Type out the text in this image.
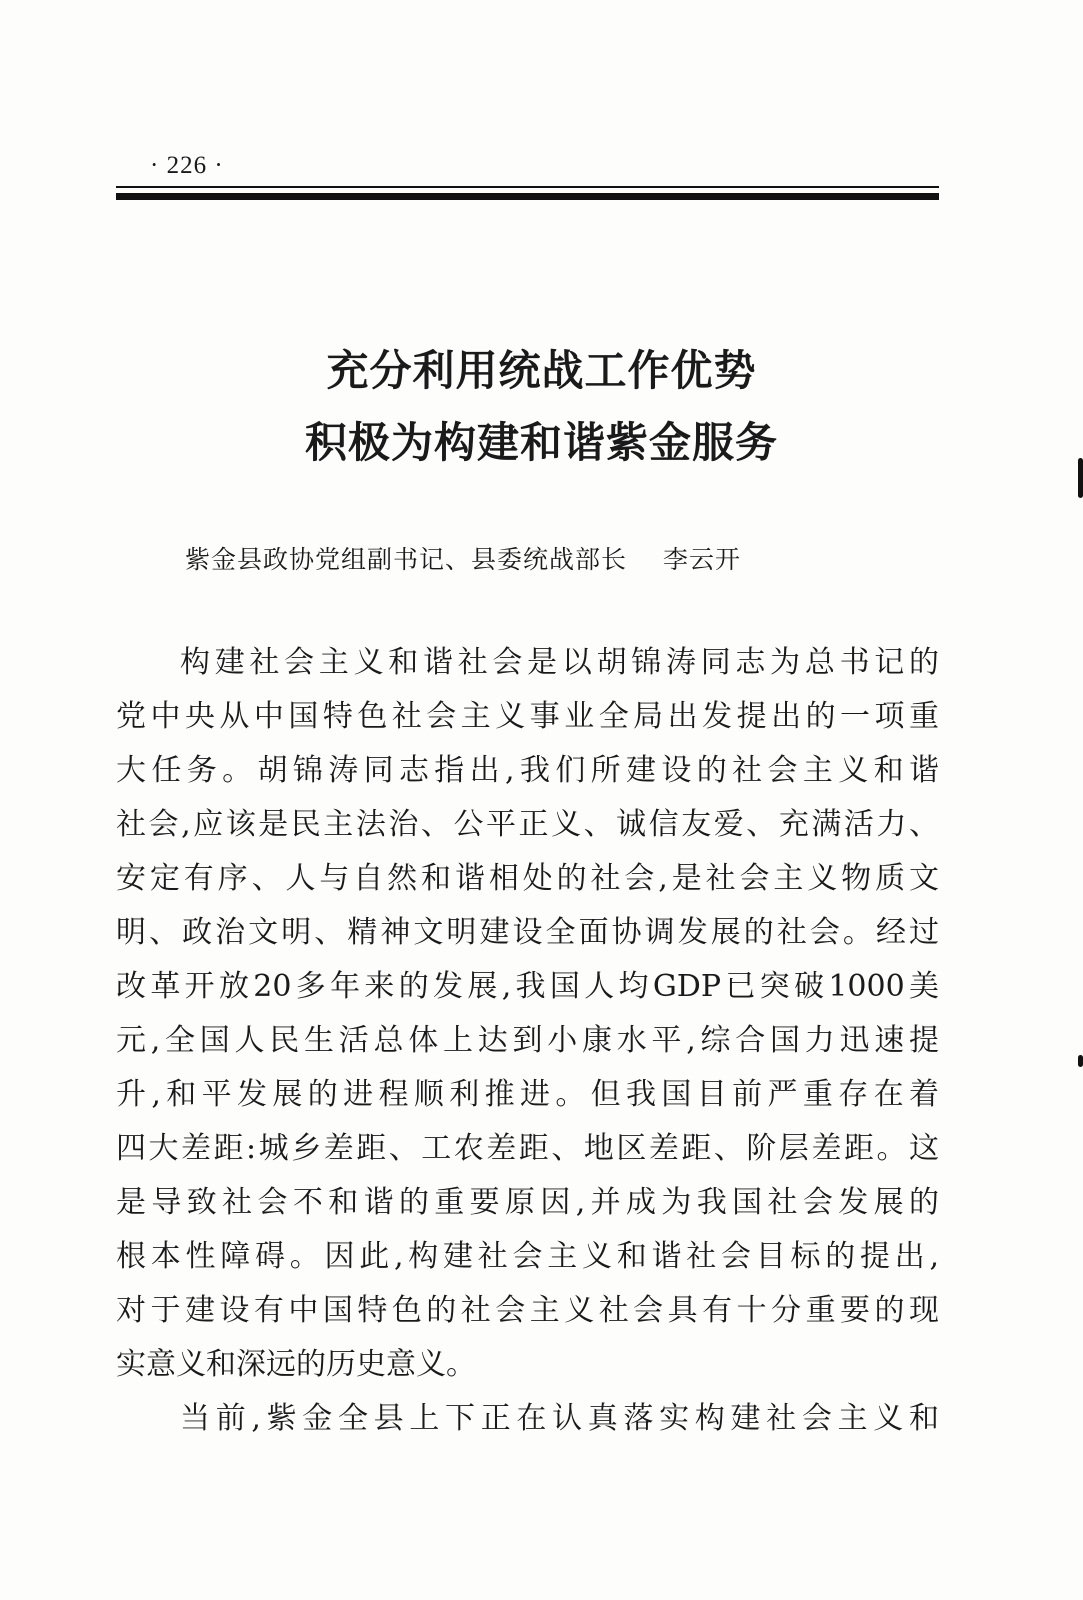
· 226 ·
充分利用统战工作优势
积极为构建和谐紫金服务
紫金县政协党组副书记、县委统战部长 李云开
构建社会主义和谐社会是以胡锦涛同志为总书记的
党中央从中国特色社会主义事业全局出发提出的一项重
大任务。胡锦涛同志指出,我们所建设的社会主义和谐
社会,应该是民主法治、公平正义、诚信友爱、充满活力、
安定有序、人与自然和谐相处的社会,是社会主义物质文
明、政治文明、精神文明建设全面协调发展的社会。经过
改革开放20多年来的发展,我国人均GDP已突破1000美
元,全国人民生活总体上达到小康水平,综合国力迅速提
升,和平发展的进程顺利推进。但我国目前严重存在着
四大差距:城乡差距、工农差距、地区差距、阶层差距。这
是导致社会不和谐的重要原因,并成为我国社会发展的
根本性障碍。因此,构建社会主义和谐社会目标的提出,
对于建设有中国特色的社会主义社会具有十分重要的现
实意义和深远的历史意义。
当前,紫金全县上下正在认真落实构建社会主义和
